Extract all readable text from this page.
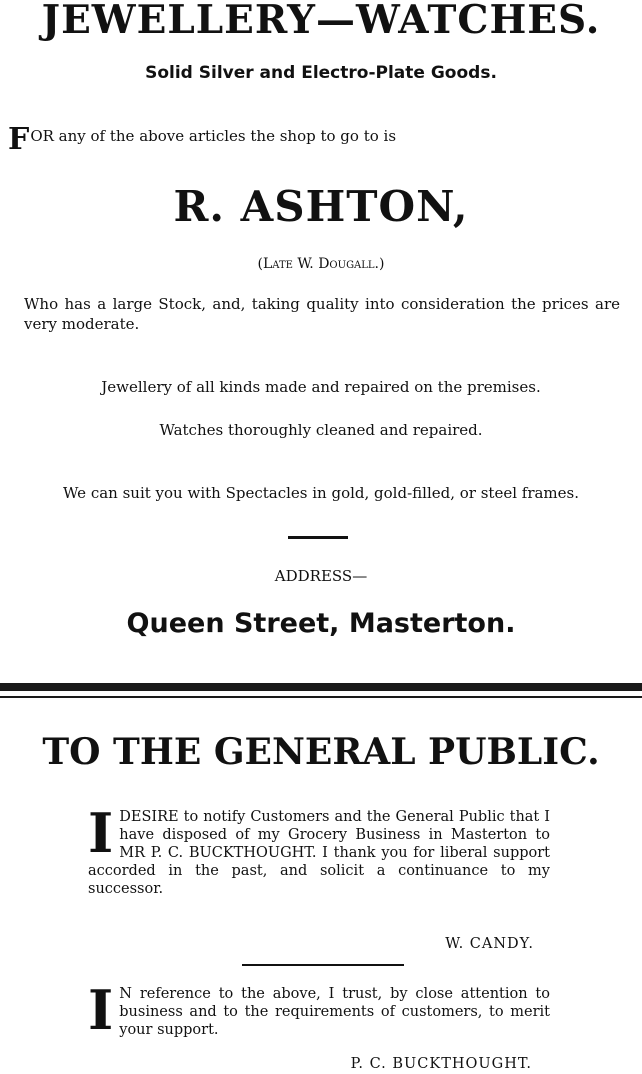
JEWELLERY—WATCHES.
Solid Silver and Electro-Plate Goods.
FOR any of the above articles the shop to go to is
R. ASHTON,
(Late W. Dougall.)
Who has a large Stock, and, taking quality into consideration the prices are very moderate.
Jewellery of all kinds made and repaired on the premises.
Watches thoroughly cleaned and repaired.
We can suit you with Spectacles in gold, gold-filled, or steel frames.
ADDRESS—
Queen Street, Masterton.
TO THE GENERAL PUBLIC.
IDESIRE to notify Customers and the General Public that I have disposed of my Grocery Business in Masterton to MR P. C. BUCKTHOUGHT. I thank you for liberal support accorded in the past, and solicit a continuance to my successor.
W. CANDY.
I N reference to the above, I trust, by close attention to business and to the requirements of customers, to merit your support.
P. C. BUCKTHOUGHT.
